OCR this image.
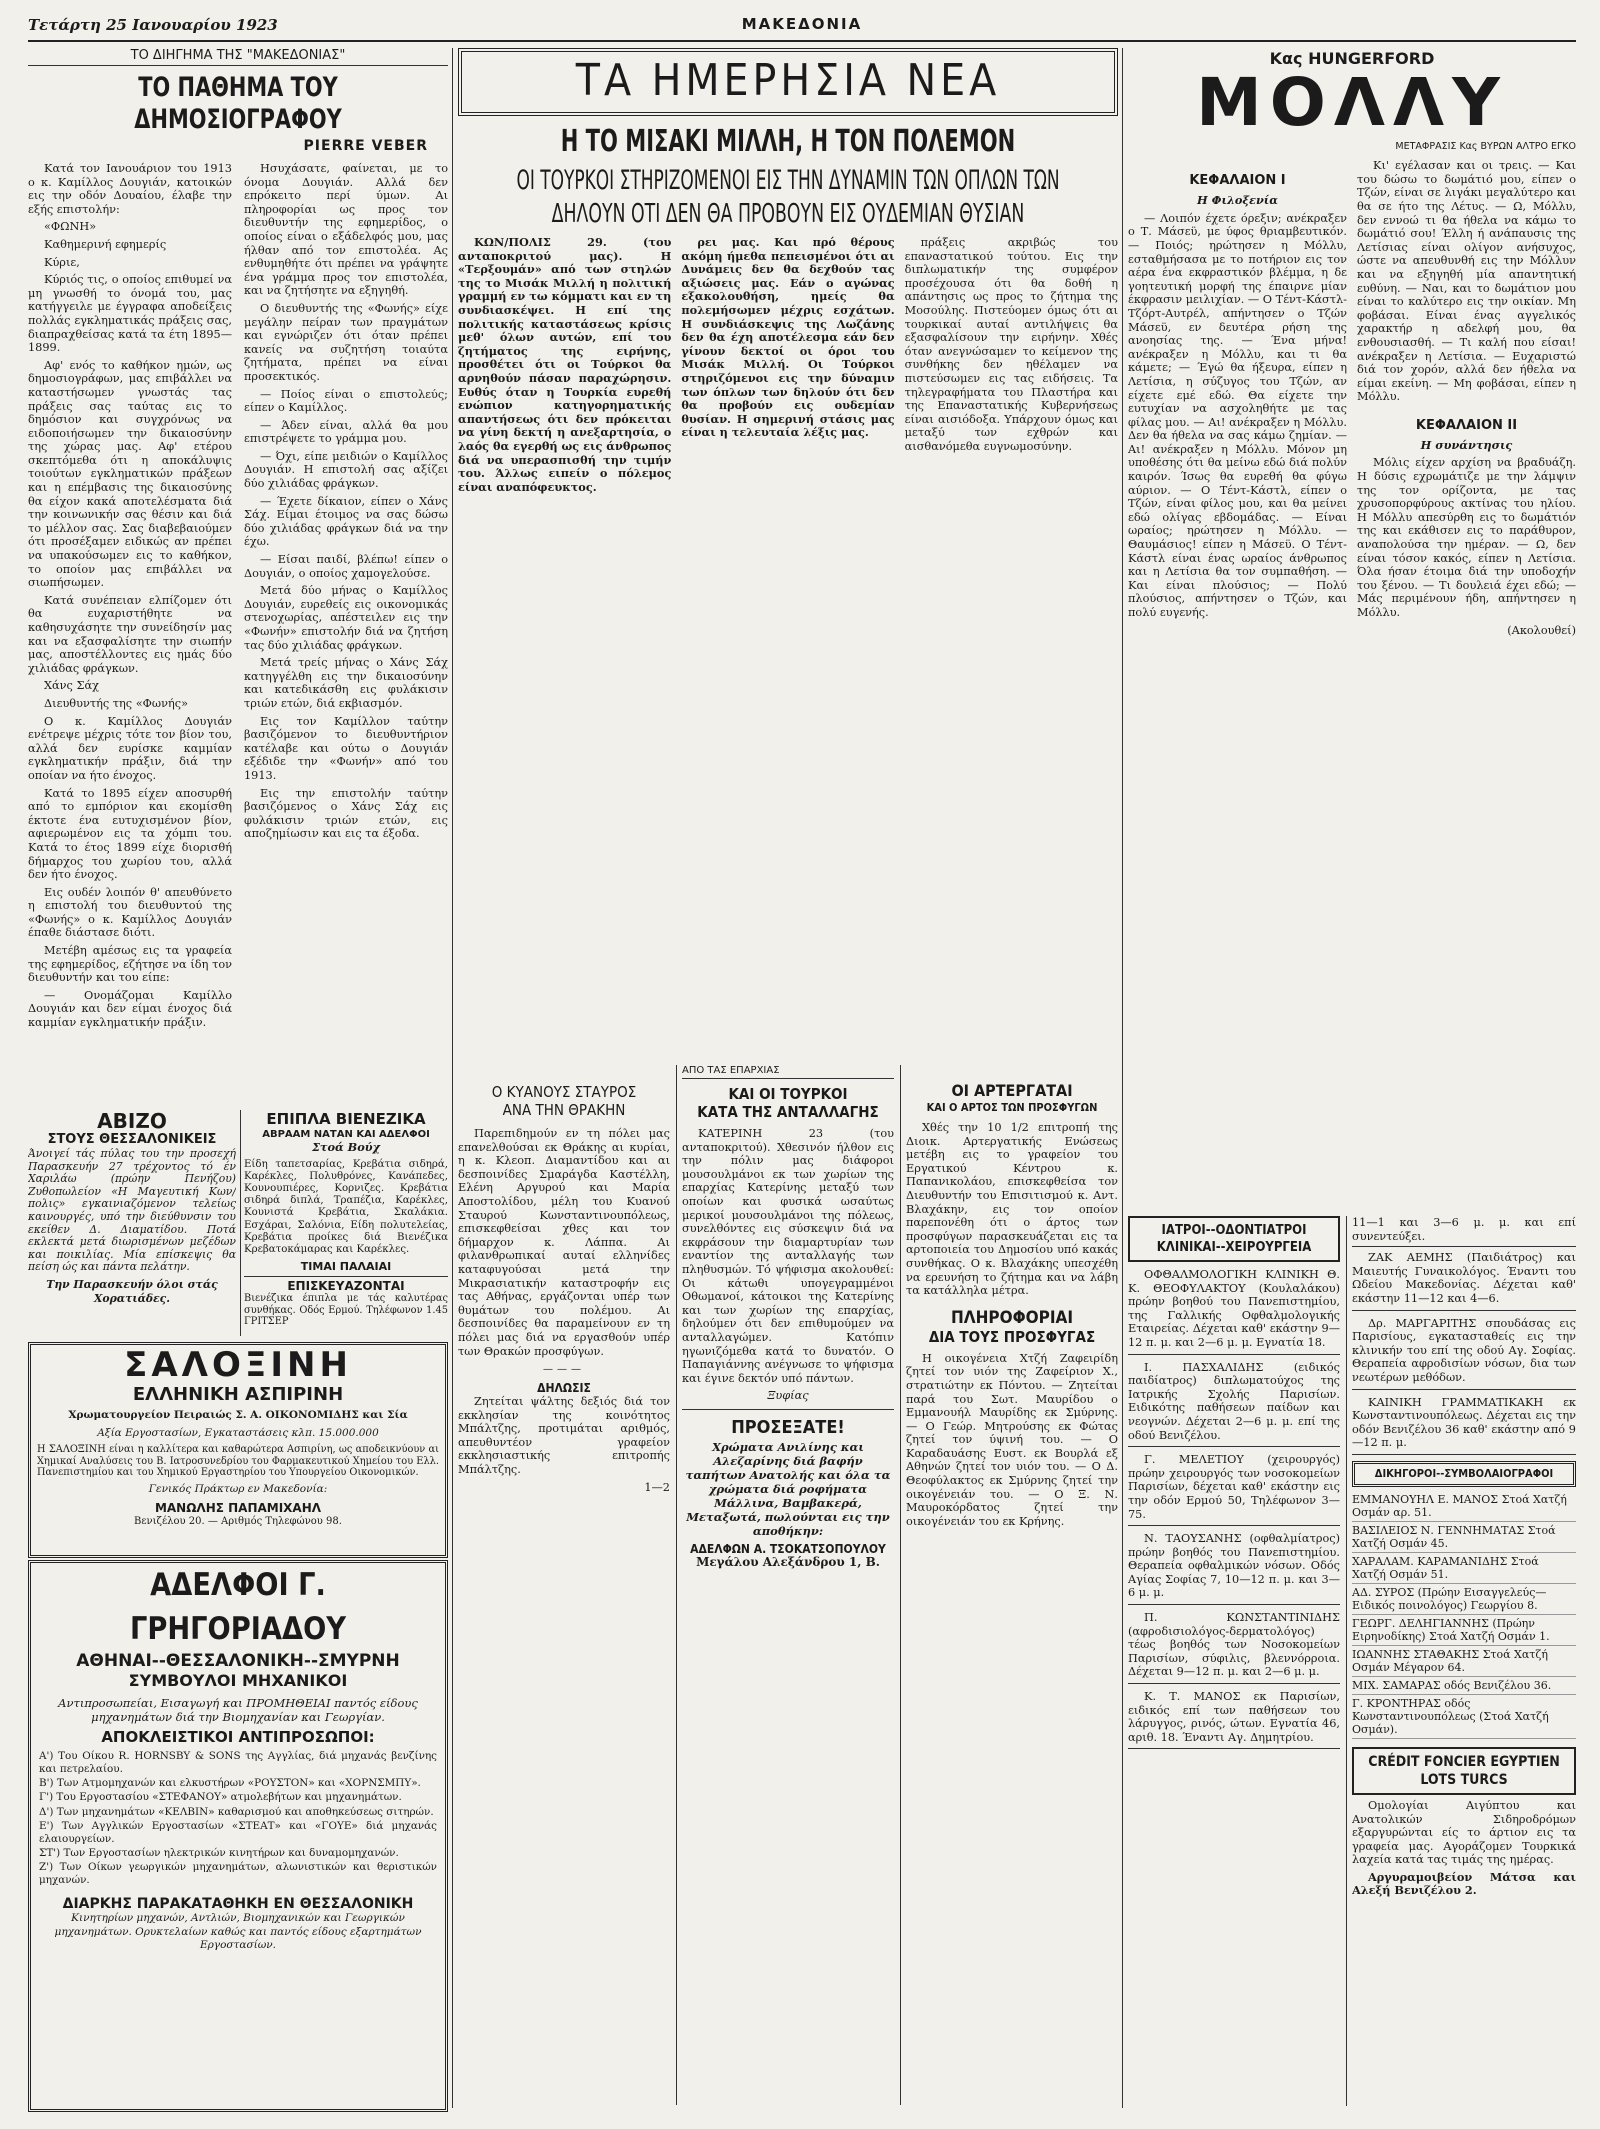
Τετάρτη 25 Ιανουαρίου 1923	ΜΑΚΕΔΟΝΙΑ
ΤΟ ΔΙΗΓΗΜΑ ΤΗΣ "ΜΑΚΕΔΟΝΙΑΣ"
ΤΟ ΠΑΘΗΜΑ ΤΟΥ ΔΗΜΟΣΙΟΓΡΑΦΟΥ
PIERRE VEBER

Κατά τον Ιανουάριον του 1913 ο κ. Καμίλλος Δουγιάν, κατοικών εις την οδόν Δουαίου, έλαβε την εξής επιστολήν:

«ΦΩΝΗ»

Καθημερινή εφημερίς

Κύριε,

Κύριός τις, ο οποίος επιθυμεί να μη γνωσθή το όνομά του, μας κατήγγειλε με έγγραφα αποδείξεις πολλάς εγκληματικάς πράξεις σας, διαπραχθείσας κατά τα έτη 1895—1899.

Αφ' ενός το καθήκον ημών, ως δημοσιογράφων, μας επιβάλλει να καταστήσωμεν γνωστάς τας πράξεις σας ταύτας εις το δημόσιον και συγχρόνως να ειδοποιήσωμεν την δικαιοσύνην της χώρας μας. Αφ' ετέρου σκεπτόμεθα ότι η αποκάλυψις τοιούτων εγκληματικών πράξεων και η επέμβασις της δικαιοσύνης θα είχον κακά αποτελέσματα διά την κοινωνικήν σας θέσιν και διά το μέλλον σας. Σας διαβεβαιούμεν ότι προσέξαμεν ειδικώς αν πρέπει να υπακούσωμεν εις το καθήκον, το οποίον μας επιβάλλει να σιωπήσωμεν.

Κατά συνέπειαν ελπίζομεν ότι θα ευχαριστήθητε να καθησυχάσητε την συνείδησίν μας και να εξασφαλίσητε την σιωπήν μας, αποστέλλοντες εις ημάς δύο χιλιάδας φράγκων.

Χάνς Σάχ

Διευθυντής της «Φωνής»

Ο κ. Καμίλλος Δουγιάν ενέτρεψε μέχρις τότε τον βίον του, αλλά δεν ευρίσκε καμμίαν εγκληματικήν πράξιν, διά την οποίαν να ήτο ένοχος.

Κατά το 1895 είχεν αποσυρθή από το εμπόριον και εκομίσθη έκτοτε ένα ευτυχισμένον βίον, αφιερωμένον εις τα χόμπι του. Κατά το έτος 1899 είχε διορισθή δήμαρχος του χωρίου του, αλλά δεν ήτο ένοχος.

Εις ουδέν λοιπόν θ' απευθύνετο η επιστολή του διευθυντού της «Φωνής» ο κ. Καμίλλος Δουγιάν έπαθε διάστασε διότι.

Μετέβη αμέσως εις τα γραφεία της εφημερίδος, εζήτησε να ίδη τον διευθυντήν και του είπε:

— Ονομάζομαι Καμίλλο Δουγιάν και δεν είμαι ένοχος διά καμμίαν εγκληματικήν πράξιν.

Ησυχάσατε, φαίνεται, με το όνομα Δουγιάν. Αλλά δεν επρόκειτο περί ύμων. Αι πληροφορίαι ως προς τον διευθυντήν της εφημερίδος, ο οποίος είναι ο εξάδελφός μου, μας ήλθαν από τον επιστολέα. Ας ενθυμηθήτε ότι πρέπει να γράψητε ένα γράμμα προς τον επιστολέα, και να ζητήσητε να εξηγηθή.

Ο διευθυντής της «Φωνής» είχε μεγάλην πείραν των πραγμάτων και εγνώριζεν ότι όταν πρέπει κανείς να συζητήση τοιαύτα ζητήματα, πρέπει να είναι προσεκτικός.

— Ποίος είναι ο επιστολεύς; είπεν ο Καμίλλος.

— Άδεν είναι, αλλά θα μου επιστρέψετε το γράμμα μου.

— Όχι, είπε μειδιών ο Καμίλλος Δουγιάν. Η επιστολή σας αξίζει δύο χιλιάδας φράγκων.

— Έχετε δίκαιον, είπεν ο Χάνς Σάχ. Είμαι έτοιμος να σας δώσω δύο χιλιάδας φράγκων διά να την έχω.

— Είσαι παιδί, βλέπω! είπεν ο Δουγιάν, ο οποίος χαμογελούσε.

Μετά δύο μήνας ο Καμίλλος Δουγιάν, ευρεθείς εις οικονομικάς στενοχωρίας, απέστειλεν εις την «Φωνήν» επιστολήν διά να ζητήση τας δύο χιλιάδας φράγκων.

Μετά τρείς μήνας ο Χάνς Σάχ κατηγγέλθη εις την δικαιοσύνην και κατεδικάσθη εις φυλάκισιν τριών ετών, διά εκβιασμόν.

Εις τον Καμίλλον ταύτην βασιζόμενον το διευθυντήριον κατέλαβε και ούτω ο Δουγιάν εξέδιδε την «Φωνήν» από του 1913.

Εις την επιστολήν ταύτην βασιζόμενος ο Χάνς Σάχ εις φυλάκισιν τριών ετών, εις αποζημίωσιν και εις τα έξοδα.

ΑΒΙΖΟ
ΣΤΟΥΣ ΘΕΣΣΑΛΟΝΙΚΕΙΣ

Άνοιγεί τάς πύλας του την προσεχή Παρασκευήν 27 τρέχοντος τό έν Χαριλάω (πρώην Πενήζου) Ζυθοπωλείον «Η Μαγευτική Κων/πολις» εγκαινιαζόμενον τελείως καινουργές, υπό την διεύθυνσιν του εκείθεν Δ. Διαματίδου. Ποτά εκλεκτά μετά διωρισμένων μεζέδων και ποικιλίας. Μία επίσκεψις θα πείση ώς και πάντα πελάτην.

Την Παρασκευήν όλοι στάς Χορατιάδες.

ΕΠΙΠΛΑ ΒΙΕΝΕΖΙΚΑ
ΑΒΡΑΑΜ ΝΑΤΑΝ ΚΑΙ ΑΔΕΛΦΟΙ
Στοά Βούχ

Είδη ταπετσαρίας, Κρεβάτια σιδηρά, Καρέκλες, Πολυθρόνες, Κανάπεδες, Κουνουπιέρες, Κορνιζες. Κρεβάτια σιδηρά διπλά, Τραπέζια, Καρέκλες, Κουνιστά Κρεβάτια, Σκαλάκια. Εσχάραι, Σαλόνια, Είδη πολυτελείας, Κρεβάτια προίκες διά Βιενέζικα Κρεβατοκάμαρας και Καρέκλες.

ΤΙΜΑΙ ΠΑΛΑΙΑΙ
ΕΠΙΣΚΕΥΑΖΟΝΤΑΙ

Βιενέζικα έπιπλα με τάς καλυτέρας συνθήκας. Οδός Ερμού. Τηλέφωνον 1.45 ΓΡΙΤΣΕΡ

ΣΑΛΟΞΙΝΗ
ΕΛΛΗΝΙΚΗ ΑΣΠΙΡΙΝΗ
Χρωματουργείον Πειραιώς Σ. Α. ΟΙΚΟΝΟΜΙΔΗΣ και Σία
Αξία Εργοστασίων, Εγκαταστάσεις κλπ. 15.000.000

Η ΣΑΛΟΞΙΝΗ είναι η καλλίτερα και καθαρώτερα Ασπιρίνη, ως αποδεικνύουν αι Χημικαί Αναλύσεις του Β. Ιατροσυνεδρίου του Φαρμακευτικού Χημείου του Ελλ. Πανεπιστημίου και του Χημικού Εργαστηρίου του Υπουργείου Οικονομικών.

Γενικός Πράκτωρ εν Μακεδονία:
ΜΑΝΩΛΗΣ ΠΑΠΑΜΙΧΑΗΛ
Βενιζέλου 20. — Αριθμός Τηλεφώνου 98.
ΑΔΕΛΦΟΙ Γ. ΓΡΗΓΟΡΙΑΔΟΥ
ΑΘΗΝΑΙ--ΘΕΣΣΑΛΟΝΙΚΗ--ΣΜΥΡΝΗ
ΣΥΜΒΟΥΛΟΙ ΜΗΧΑΝΙΚΟΙ

Αντιπροσωπείαι, Εισαγωγή και ΠΡΟΜΗΘΕΙΑΙ παντός είδους μηχανημάτων διά την Βιομηχανίαν και Γεωργίαν.

ΑΠΟΚΛΕΙΣΤΙΚΟΙ ΑΝΤΙΠΡΟΣΩΠΟΙ:

Α') Του Οίκου R. HORNSBY & SONS της Αγγλίας, διά μηχανάς βενζίνης και πετρελαίου.

Β') Των Ατμομηχανών και ελκυστήρων «ΡΟΥΣΤΟΝ» και «ΧΟΡΝΣΜΠΥ».

Γ') Του Εργοστασίου «ΣΤΕΦΑΝΟΥ» ατμολεβήτων και μηχανημάτων.

Δ') Των μηχανημάτων «ΚΕΛΒΙΝ» καθαρισμού και αποθηκεύσεως σιτηρών.

Ε') Των Αγγλικών Εργοστασίων «ΣΤΕΑΤ» και «ΓΟΥΕ» διά μηχανάς ελαιουργείων.

ΣΤ') Των Εργοστασίων ηλεκτρικών κινητήρων και δυναμομηχανών.

Ζ') Των Οίκων γεωργικών μηχανημάτων, αλωνιστικών και θεριστικών μηχανών.

ΔΙΑΡΚΗΣ ΠΑΡΑΚΑΤΑΘΗΚΗ ΕΝ ΘΕΣΣΑΛΟΝΙΚΗ

Κινητηρίων μηχανών, Αντλιών, Βιομηχανικών και Γεωργικών μηχανημάτων. Ορυκτελαίων καθώς και παντός είδους εξαρτημάτων Εργοστασίων.

ΤΑ ΗΜΕΡΗΣΙΑ ΝΕΑ
Η ΤΟ ΜΙΣΑΚΙ ΜΙΛΛΗ, Η ΤΟΝ ΠΟΛΕΜΟΝ
ΟΙ ΤΟΥΡΚΟΙ ΣΤΗΡΙΖΟΜΕΝΟΙ ΕΙΣ ΤΗΝ ΔΥΝΑΜΙΝ ΤΩΝ ΟΠΛΩΝ ΤΩΝ
ΔΗΛΟΥΝ ΟΤΙ ΔΕΝ ΘΑ ΠΡΟΒΟΥΝ ΕΙΣ ΟΥΔΕΜΙΑΝ ΘΥΣΙΑΝ

ΚΩΝ/ΠΟΛΙΣ 29. (του ανταποκριτού μας). Η «Τερξουμάν» από των στηλών της το Μισάκ Μιλλή η πολιτική γραμμή εν τω κόμματι και εν τη συνδιασκέψει. Η επί της πολιτικής καταστάσεως κρίσις μεθ' όλων αυτών, επί του ζητήματος της ειρήνης, προσθέτει ότι οι Τούρκοι θα αρνηθούν πάσαν παραχώρησιν. Ευθύς όταν η Τουρκία ευρεθή ενώπιον κατηγορηματικής απαντήσεως ότι δεν πρόκειται να γίνη δεκτή η ανεξαρτησία, ο λαός θα εγερθή ως εις άνθρωπος διά να υπερασπισθή την τιμήν του. Άλλως ειπείν ο πόλεμος είναι αναπόφευκτος.

ρει μας. Και πρό θέρους ακόμη ήμεθα πεπεισμένοι ότι αι Δυνάμεις δεν θα δεχθούν τας αξιώσεις μας. Εάν ο αγώνας εξακολουθήση, ημείς θα πολεμήσωμεν μέχρις εσχάτων. Η συνδιάσκεψις της Λωζάνης δεν θα έχη αποτέλεσμα εάν δεν γίνουν δεκτοί οι όροι του Μισάκ Μιλλή. Οι Τούρκοι στηριζόμενοι εις την δύναμιν των όπλων των δηλούν ότι δεν θα προβούν εις ουδεμίαν θυσίαν. Η σημερινή στάσις μας είναι η τελευταία λέξις μας.

πράξεις ακριβώς του επαναστατικού τούτου. Εις την διπλωματικήν της συμφέρον προσέχουσα ότι θα δοθή η απάντησις ως προς το ζήτημα της Μοσούλης. Πιστεύομεν όμως ότι αι τουρκικαί αυταί αντιλήψεις θα εξασφαλίσουν την ειρήνην. Χθές όταν ανεγνώσαμεν το κείμενον της συνθήκης δεν ηθέλαμεν να πιστεύσωμεν εις τας ειδήσεις. Τα τηλεγραφήματα του Πλαστήρα και της Επαναστατικής Κυβερνήσεως είναι αισιόδοξα. Υπάρχουν όμως και μεταξύ των εχθρών και αισθανόμεθα ευγνωμοσύνην.

Ο ΚΥΑΝΟΥΣ ΣΤΑΥΡΟΣ
ΑΝΑ ΤΗΝ ΘΡΑΚΗΝ

Παρεπιδημούν εν τη πόλει μας επανελθούσαι εκ Θράκης αι κυρίαι, η κ. Κλεοπ. Διαμαντίδου και αι δεσποινίδες Σμαράγδα Καστέλλη, Ελένη Αργυρού και Μαρία Αποστολίδου, μέλη του Κυανού Σταυρού Κωνσταντινουπόλεως, επισκεφθείσαι χθες και τον δήμαρχον κ. Λάππα. Αι φιλανθρωπικαί αυταί ελληνίδες καταφυγούσαι μετά την Μικρασιατικήν καταστροφήν εις τας Αθήνας, εργάζονται υπέρ των θυμάτων του πολέμου. Αι δεσποινίδες θα παραμείνουν εν τη πόλει μας διά να εργασθούν υπέρ των Θρακών προσφύγων.

———
ΔΗΛΩΣΙΣ

Ζητείται ψάλτης δεξιός διά τον εκκλησίαν της κοινότητος Μπάλτζης, προτιμάται αριθμός, απευθυντέον γραφείον εκκλησιαστικής επιτροπής Μπάλτζης.

1—2

ΑΠΟ ΤΑΣ ΕΠΑΡΧΙΑΣ
ΚΑΙ ΟΙ ΤΟΥΡΚΟΙ
ΚΑΤΑ ΤΗΣ ΑΝΤΑΛΛΑΓΗΣ

ΚΑΤΕΡΙΝΗ 23 (του ανταποκριτού). Χθεσινόν ήλθον εις την πόλιν μας διάφοροι μουσουλμάνοι εκ των χωρίων της επαρχίας Κατερίνης μεταξύ των οποίων και φυσικά ωσαύτως μερικοί μουσουλμάνοι της πόλεως, συνελθόντες εις σύσκεψιν διά να εκφράσουν την διαμαρτυρίαν των εναντίον της ανταλλαγής των πληθυσμών. Τό ψήφισμα ακολουθεί: Οι κάτωθι υπογεγραμμένοι Οθωμανοί, κάτοικοι της Κατερίνης και των χωρίων της επαρχίας, δηλούμεν ότι δεν επιθυμούμεν να ανταλλαγώμεν. Κατόπιν ηγωνιζόμεθα κατά το δυνατόν. Ο Παπαγιάννης ανέγνωσε το ψήφισμα και έγινε δεκτόν υπό πάντων.

Ξυφίας

ΠΡΟΣΕΞΑΤΕ!

Χρώματα Ανιλίνης και Αλεζαρίνης διά βαφήν ταπήτων Ανατολής και όλα τα χρώματα διά ροφήματα Μάλλινα, Βαμβακερά, Μεταξωτά, πωλούνται εις την αποθήκην:

ΑΔΕΛΦΩΝ Α. ΤΣΟΚΑΤΣΟΠΟΥΛΟΥ
Μεγάλου Αλεξάνδρου 1, Β.
ΟΙ ΑΡΤΕΡΓΑΤΑΙ
ΚΑΙ Ο ΑΡΤΟΣ ΤΩΝ ΠΡΟΣΦΥΓΩΝ

Χθές την 10 1/2 επιτροπή της Διοικ. Αρτεργατικής Ενώσεως μετέβη εις το γραφείον του Εργατικού Κέντρου κ. Παπανικολάου, επισκεφθείσα τον Διευθυντήν του Επισιτισμού κ. Αντ. Βλαχάκην, εις τον οποίον παρεπονέθη ότι ο άρτος των προσφύγων παρασκευάζεται εις τα αρτοποιεία του Δημοσίου υπό κακάς συνθήκας. Ο κ. Βλαχάκης υπεσχέθη να ερευνήση το ζήτημα και να λάβη τα κατάλληλα μέτρα.

ΠΛΗΡΟΦΟΡΙΑΙ
ΔΙΑ ΤΟΥΣ ΠΡΟΣΦΥΓΑΣ

Η οικογένεια Χτζή Ζαφειρίδη ζητεί τον υιόν της Ζαφείριον Χ., στρατιώτην εκ Πόντου. — Ζητείται παρά του Σωτ. Μαυρίδου ο Εμμανουήλ Μαυρίδης εκ Σμύρνης. — Ο Γεώρ. Μητρούσης εκ Φώτας ζητεί τον ύψινή του. — Ο Καραδαυάσης Ευστ. εκ Βουρλά εξ Αθηνών ζητεί τον υιόν του. — Ο Δ. Θεοφύλακτος εκ Σμύρνης ζητεί την οικογένειάν του. — Ο Ξ. Ν. Μαυροκόρδατος ζητεί την οικογένειάν του εκ Κρήνης.

Κας HUNGERFORD
ΜΟΛΛΥ
ΜΕΤΑΦΡΑΣΙΣ Κας ΒΥΡΩΝ ΑΛΤΡΟ ΕΓΚΟ
ΚΕΦΑΛΑΙΟΝ Ι
Η Φιλοξενία

— Λοιπόν έχετε όρεξιν; ανέκραξεν ο Τ. Μάσεϋ, με ύφος θριαμβευτικόν. — Ποιός; ηρώτησεν η Μόλλυ, εσταθμήσασα με το ποτήριον εις τον αέρα ένα εκφραστικόν βλέμμα, η δε γοητευτική μορφή της έπαιρνε μίαν έκφρασιν μειλιχίαν. — Ο Τέντ-Κάστλ-Τζόρτ-Αυτρέλ, απήντησεν ο Τζών Μάσεϋ, εν δευτέρα ρήση της ανοησίας της. — Ένα μήνα! ανέκραξεν η Μόλλυ, και τι θα κάμετε; — Έγώ θα ήξευρα, είπεν η Λετίσια, η σύζυγος του Τζών, αν είχετε εμέ εδώ. Θα είχετε την ευτυχίαν να ασχοληθήτε με τας φίλας μου. — Αι! ανέκραξεν η Μόλλυ. Δεν θα ήθελα να σας κάμω ζημίαν. — Αι! ανέκραξεν η Μόλλυ. Μόνον μη υποθέσης ότι θα μείνω εδώ διά πολύν καιρόν. Ίσως θα ευρεθή θα φύγω αύριον. — Ο Τέντ-Κάστλ, είπεν ο Τζών, είναι φίλος μου, και θα μείνει εδώ ολίγας εβδομάδας. — Είναι ωραίος; ηρώτησεν η Μόλλυ. — Θαυμάσιος! είπεν η Μάσεϋ. Ο Τέντ-Κάστλ είναι ένας ωραίος άνθρωπος και η Λετίσια θα τον συμπαθήση. — Και είναι πλούσιος; — Πολύ πλούσιος, απήντησεν ο Τζών, και πολύ ευγενής.

Κι' εγέλασαν και οι τρεις. — Και του δώσω το δωμάτιό μου, είπεν ο Τζών, είναι σε λιγάκι μεγαλύτερο και θα σε ήτο της Λέτυς. — Ω, Μόλλυ, δεν εννοώ τι θα ήθελα να κάμω το δωμάτιό σου! Έλλη ή ανάπαυσις της Λετίσιας είναι ολίγον ανήσυχος, ώστε να απευθυνθή εις την Μόλλυν και να εξηγηθή μία απαντητική ευθύνη. — Ναι, και το δωμάτιον μου είναι το καλύτερο εις την οικίαν. Μη φοβάσαι. Είναι ένας αγγελικός χαρακτήρ η αδελφή μου, θα ενθουσιασθή. — Τι καλή που είσαι! ανέκραξεν η Λετίσια. — Ευχαριστώ διά τον χορόν, αλλά δεν ήθελα να είμαι εκείνη. — Μη φοβάσαι, είπεν η Μόλλυ.

ΚΕΦΑΛΑΙΟΝ ΙΙ
Η συνάντησις

Μόλις είχεν αρχίση να βραδυάζη. Η δύσις εχρωμάτιζε με την λάμψιν της τον ορίζοντα, με τας χρυσοπορφύρους ακτίνας του ηλίου. Η Μόλλυ απεσύρθη εις το δωμάτιόν της και εκάθισεν εις το παράθυρον, αναπολούσα την ημέραν. — Ω, δεν είναι τόσον κακός, είπεν η Λετίσια. Όλα ήσαν έτοιμα διά την υποδοχήν του ξένου. — Τι δουλειά έχει εδώ; — Μάς περιμένουν ήδη, απήντησεν η Μόλλυ.

(Ακολουθεί)

ΙΑΤΡΟΙ--ΟΔΟΝΤΙΑΤΡΟΙ
ΚΛΙΝΙΚΑΙ--ΧΕΙΡΟΥΡΓΕΙΑ

ΟΦΘΑΛΜΟΛΟΓΙΚΗ ΚΛΙΝΙΚΗ Θ. Κ. ΘΕΟΦΥΛΑΚΤΟΥ (Κουλαλάκου) πρώην βοηθού του Πανεπιστημίου, της Γαλλικής Οφθαλμολογικής Εταιρείας. Δέχεται καθ' εκάστην 9—12 π. μ. και 2—6 μ. μ. Εγνατία 18.

Ι. ΠΑΣΧΑΛΙΔΗΣ (ειδικός παιδίατρος) διπλωματούχος της Ιατρικής Σχολής Παρισίων. Ειδικότης παθήσεων παίδων και νεογνών. Δέχεται 2—6 μ. μ. επί της οδού Βενιζέλου.

Γ. ΜΕΛΕΤΙΟΥ (χειρουργός) πρώην χειρουργός των νοσοκομείων Παρισίων, δέχεται καθ' εκάστην εις την οδόν Ερμού 50, Τηλέφωνον 3—75.

Ν. ΤΑΟΥΣΑΝΗΣ (οφθαλμίατρος) πρώην βοηθός του Πανεπιστημίου. Θεραπεία οφθαλμικών νόσων. Οδός Αγίας Σοφίας 7, 10—12 π. μ. και 3—6 μ. μ.

Π. ΚΩΝΣΤΑΝΤΙΝΙΔΗΣ (αφροδισιολόγος-δερματολόγος) τέως βοηθός των Νοσοκομείων Παρισίων, σύφιλις, βλεννόρροια. Δέχεται 9—12 π. μ. και 2—6 μ. μ.

Κ. Τ. ΜΑΝΟΣ εκ Παρισίων, ειδικός επί των παθήσεων του λάρυγγος, ρινός, ώτων. Εγνατία 46, αριθ. 18. Έναντι Αγ. Δημητρίου.

11—1 και 3—6 μ. μ. και επί συνεντεύξει.

ΖΑΚ ΑΕΜΗΣ (Παιδιάτρος) και Μαιευτής Γυναικολόγος. Έναντι του Ωδείου Μακεδονίας. Δέχεται καθ' εκάστην 11—12 και 4—6.

Δρ. ΜΑΡΓΑΡΙΤΗΣ σπουδάσας εις Παρισίους, εγκατασταθείς εις την κλινικήν του επί της οδού Αγ. Σοφίας. Θεραπεία αφροδισίων νόσων, δια των νεωτέρων μεθόδων.

ΚΑΙΝΙΚΗ ΓΡΑΜΜΑΤΙΚΑΚΗ εκ Κωνσταντινουπόλεως. Δέχεται εις την οδόν Βενιζέλου 36 καθ' εκάστην από 9—12 π. μ.

ΔΙΚΗΓΟΡΟΙ--ΣΥΜΒΟΛΑΙΟΓΡΑΦΟΙ

ΕΜΜΑΝΟΥΗΛ Ε. ΜΑΝΟΣ Στοά Χατζή Οσμάν αρ. 51.

ΒΑΣΙΛΕΙΟΣ Ν. ΓΕΝΝΗΜΑΤΑΣ Στοά Χατζή Οσμάν 45.

ΧΑΡΑΛΑΜ. ΚΑΡΑΜΑΝΙΔΗΣ Στοά Χατζή Οσμάν 51.

ΑΔ. ΣΥΡΟΣ (Πρώην Εισαγγελεύς—Ειδικός ποινολόγος) Γεωργίου 8.

ΓΕΩΡΓ. ΔΕΛΗΓΙΑΝΝΗΣ (Πρώην Ειρηνοδίκης) Στοά Χατζή Οσμάν 1.

ΙΩΑΝΝΗΣ ΣΤΑΘΑΚΗΣ Στοά Χατζή Οσμάν Μέγαρον 64.

ΜΙΧ. ΣΑΜΑΡΑΣ οδός Βενιζέλου 36.

Γ. ΚΡΟΝΤΗΡΑΣ οδός Κωνσταντινουπόλεως (Στοά Χατζή Οσμάν).

CRÉDIT FONCIER EGYPTIEN
LOTS TURCS

Ομολογίαι Αιγύπτου και Ανατολικών Σιδηροδρόμων εξαργυρώνται είς το άρτιον εις τα γραφεία μας. Αγοράζομεν Τουρκικά λαχεία κατά τας τιμάς της ημέρας.

Αργυραμοιβείον Μάτσα και Αλεξή Βενιζέλου 2.
